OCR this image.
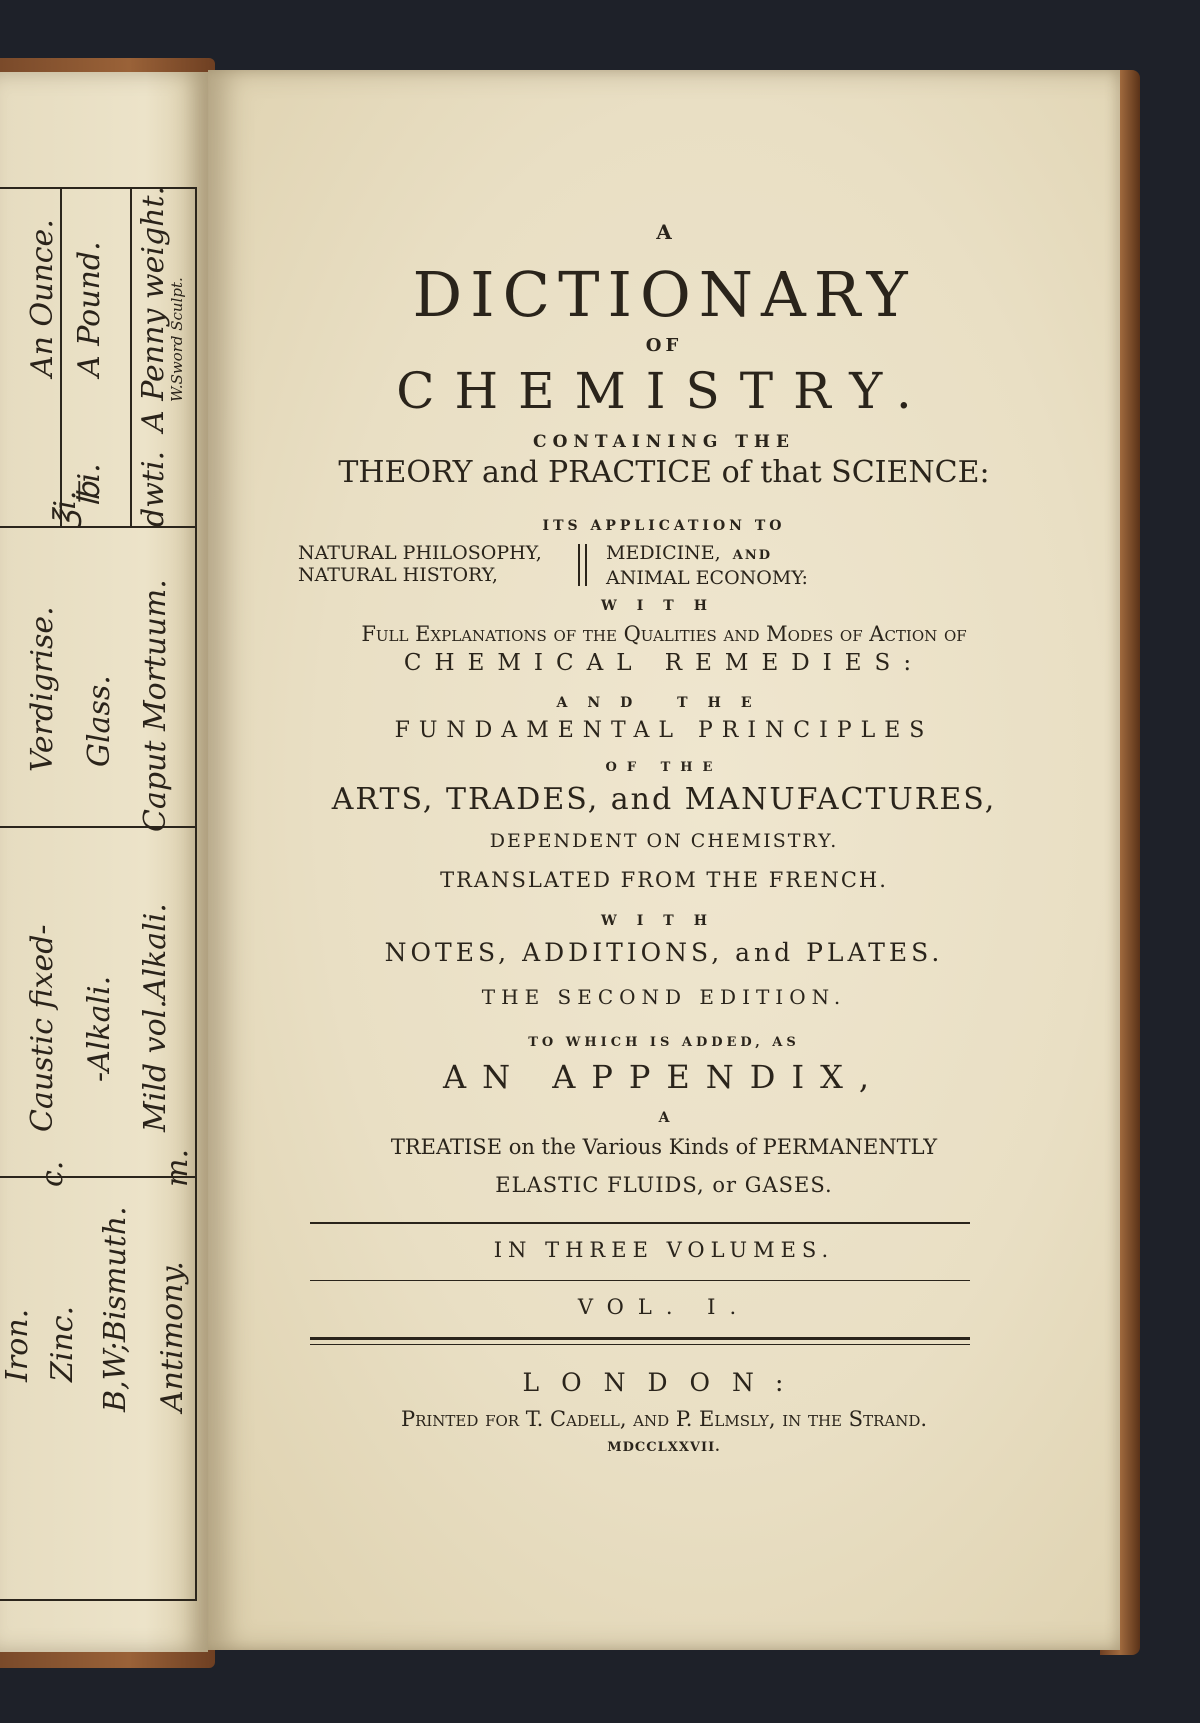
An Ounce. A Pound. A Penny weight.
℥i.
℔i. dwti.
W.Sword Sculpt.
Verdigrise. Glass. Caput Mortuum.
Caustic fixed- -Alkali. Mild vol.Alkali.
c.	m.
Iron. Zinc. B,W;Bismuth. Antimony.
A
DICTIONARY
OF
CHEMISTRY.
CONTAINING THE
THEORY and PRACTICE of that SCIENCE:
ITS APPLICATION TO
NATURAL PHILOSOPHY,
NATURAL HISTORY,
MEDICINE, AND
ANIMAL ECONOMY:
WITH
Full Explanations of the Qualities and Modes of Action of
CHEMICAL REMEDIES:
AND THE
FUNDAMENTAL PRINCIPLES
OF THE
ARTS, TRADES, and MANUFACTURES,
DEPENDENT ON CHEMISTRY.
TRANSLATED FROM THE FRENCH.
WITH
NOTES, ADDITIONS, and PLATES.
THE SECOND EDITION.
TO WHICH IS ADDED, AS
AN APPENDIX,
A
TREATISE on the Various Kinds of PERMANENTLY
ELASTIC FLUIDS, or GASES.
IN THREE VOLUMES.
VOL. I.
LONDON:
Printed for T. Cadell, and P. Elmsly, in the Strand.
MDCCLXXVII.
